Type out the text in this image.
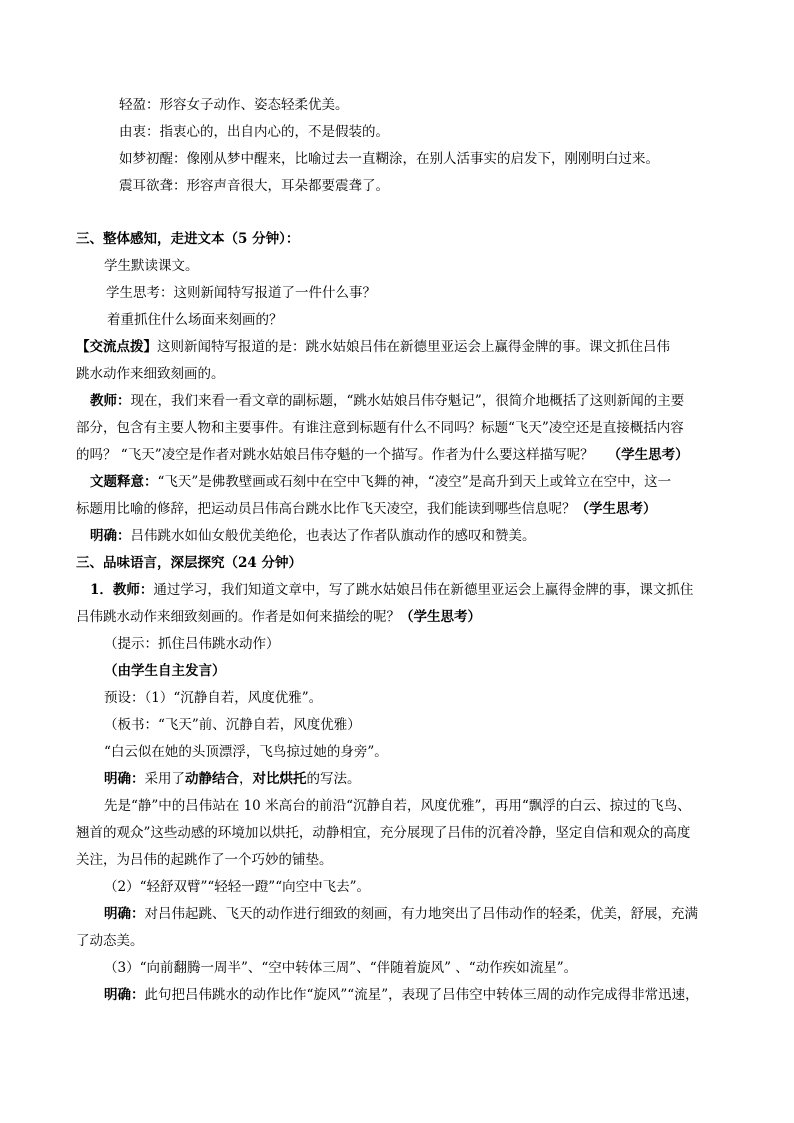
轻盈：形容女子动作、姿态轻柔优美。
由衷：指衷心的，出自内心的，不是假装的。
如梦初醒：像刚从梦中醒来，比喻过去一直糊涂，在别人活事实的启发下，刚刚明白过来。
震耳欲聋：形容声音很大，耳朵都要震聋了。
三、整体感知，走进文本（5 分钟）：
学生默读课文。
学生思考：这则新闻特写报道了一件什么事？
着重抓住什么场面来刻画的？
【交流点拨】这则新闻特写报道的是：跳水姑娘吕伟在新德里亚运会上赢得金牌的事。课文抓住吕伟
跳水动作来细致刻画的。
教师：现在，我们来看一看文章的副标题，“跳水姑娘吕伟夺魁记”，很简介地概括了这则新闻的主要
部分，包含有主要人物和主要事件。有谁注意到标题有什么不同吗？标题“飞天”凌空还是直接概括内容
的吗？ “飞天”凌空是作者对跳水姑娘吕伟夺魁的一个描写。作者为什么要这样描写呢？ （学生思考）
文题释意：“飞天”是佛教壁画或石刻中在空中飞舞的神，“凌空”是高升到天上或耸立在空中，这一
标题用比喻的修辞，把运动员吕伟高台跳水比作飞天凌空，我们能读到哪些信息呢？（学生思考）
明确：吕伟跳水如仙女般优美绝伦，也表达了作者队旗动作的感叹和赞美。
三、品味语言，深层探究（24 分钟）
1．教师：通过学习，我们知道文章中，写了跳水姑娘吕伟在新德里亚运会上赢得金牌的事，课文抓住
吕伟跳水动作来细致刻画的。作者是如何来描绘的呢？（学生思考）
（提示：抓住吕伟跳水动作）
（由学生自主发言）
预设：（1）“沉静自若，风度优雅”。
（板书：“飞天”前、沉静自若，风度优雅）
“白云似在她的头顶漂浮，飞鸟掠过她的身旁”。
明确：采用了动静结合，对比烘托的写法。
先是“静”中的吕伟站在 10 米高台的前沿“沉静自若，风度优雅”，再用“飘浮的白云、掠过的飞鸟、
翘首的观众”这些动感的环境加以烘托，动静相宜，充分展现了吕伟的沉着冷静，坚定自信和观众的高度
关注，为吕伟的起跳作了一个巧妙的铺垫。
（2）“轻舒双臂”“轻轻一蹬”“向空中飞去”。
明确：对吕伟起跳、飞天的动作进行细致的刻画，有力地突出了吕伟动作的轻柔，优美，舒展，充满
了动态美。
（3）“向前翻腾一周半”、“空中转体三周”、“伴随着旋风” 、“动作疾如流星”。
明确：此句把吕伟跳水的动作比作“旋风”“流星”，表现了吕伟空中转体三周的动作完成得非常迅速，
